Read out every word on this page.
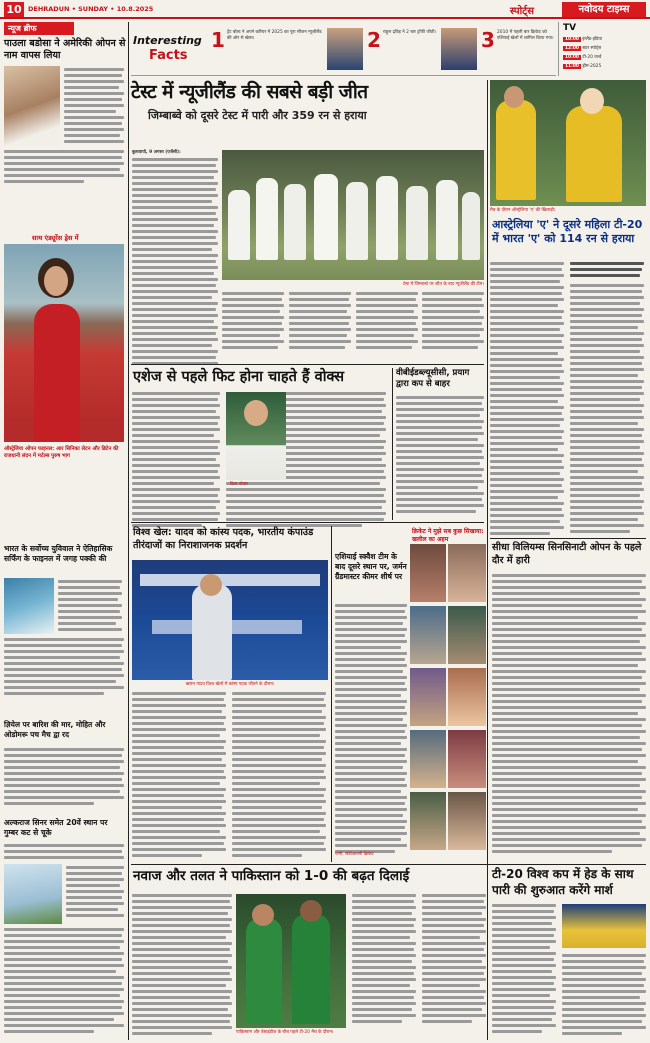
10 DEHRADUN • SUNDAY • 10.8.2025	स्पोर्ट्स	नवोदय टाइम्स
न्यूज ब्रीफ
पाउला बडोसा ने अमेरिकी ओपन से नाम वापस लिया
साथ एंड्यूरेंस ड्रेस में
ऑस्ट्रेलिया ओपन फाइनल: आर सिनिका लेटन और ब्रिटेन की राजधानी लंदन में मर्टल्स पुरुष भाग
भारत के सर्वोच्च युविवाल ने ऐतिहासिक सर्फिंग के फाइनल में जगह पक्की की
ज्ञियेल पर बारिश की मार, मोहित और ओडोमरू पच मैच द्वा रद
अल्कराज सिनर समेत 20वें स्थान पर गुम्बर कट से चूके
Interesting
Facts
1 ट्रेंट बोल्ट ने अपने करियर में 2025 का पूरा सीजन न्यूजीलैंड की ओर से खेला।	2 राहुल द्रविड़ ने 2 बार ट्रॉफी जीती। 3 2010 में पहली बार क्रिकेट को एशियाई खेलों में शामिल किया गया।
TV
10:00 इंग्लैंड-इंडिया
12:00 स्टार स्पोर्ट्स
10:00 टी-20 वर्ल्ड
11:00 ड्रीम-2025
टेस्ट में न्यूजीलैंड की सबसे बड़ी जीत
जिम्बाब्वे को दूसरे टेस्ट में पारी और 359 रन से हराया
टेस्ट में जिम्बाब्वे पर जीत के बाद न्यूजीलैंड की टीम।
बुलावायो, 9 अगस्त (एजेंसी):
मैच के दौरान ऑस्ट्रेलिया 'ए' की खिलाड़ी।
आस्ट्रेलिया 'ए' ने दूसरे महिला टी-20 में भारत 'ए' को 114 रन से हराया
एशेज से पहले फिट होना चाहते हैं वोक्स
क्रिस वोक्स
वीबीईडब्ल्यूसीसी, प्रयाग द्वारा कप से बाहर
विश्व खेल: यादव को कांस्य पदक, भारतीय कंपाउंड तीरंदाजों का निराशाजनक प्रदर्शन
ऋषभ यादव विश्व खेलों में कांस्य पदक जीतने के दौरान।
एशियाई स्क्वैश टीम के बाद दूसरे स्थान पर, जर्मन ग्रैंडमास्टर कीमर शीर्ष पर
क्रिकेट ने मुझे सब कुछ सिखाया: खलील का अहम
यानी, जेडीआरसी क्रिकेट
सीधा विलियम्स सिनसिनाटी ओपन के पहले दौर में हारी
नवाज और तलत ने पाकिस्तान को 1-0 की बढ़त दिलाई
पाकिस्तान और वेस्टइंडीज के बीच पहले टी-20 मैच के दौरान।
टी-20 विश्व कप में हेड के साथ पारी की शुरुआत करेंगे मार्श
